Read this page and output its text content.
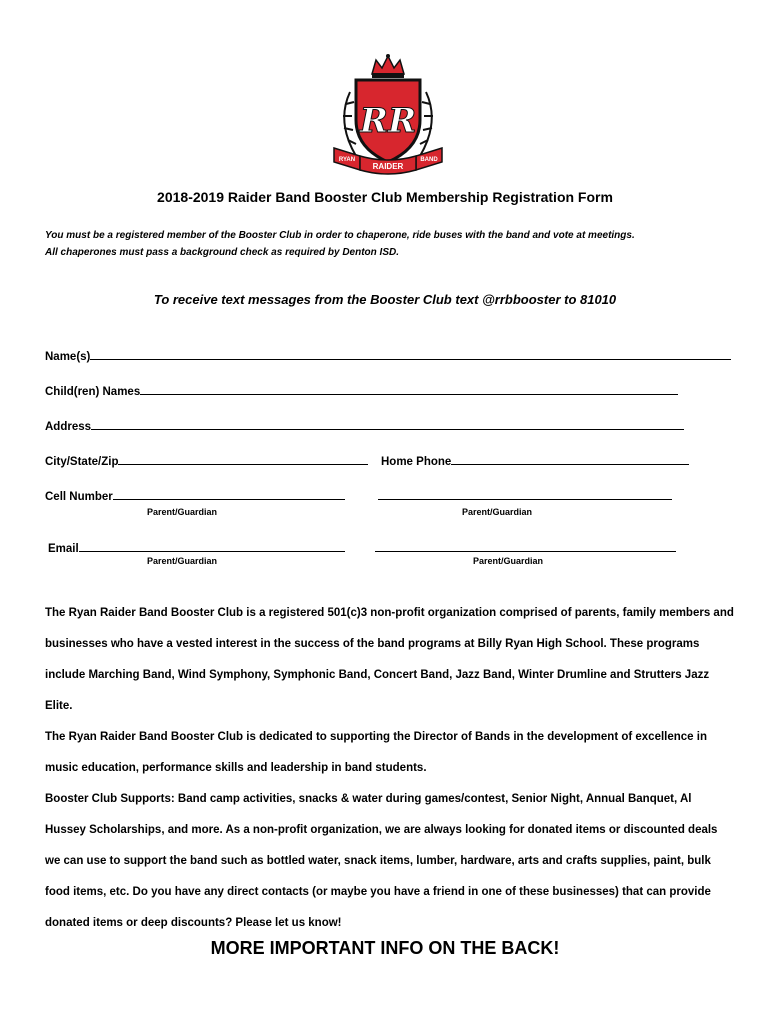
RR
RYAN
RAIDER
BAND
2018-2019 Raider Band Booster Club Membership Registration Form

You must be a registered member of the Booster Club in order to chaperone, ride buses with the band and vote at meetings.

All chaperones must pass a background check as required by Denton ISD.

To receive text messages from the Booster Club text @rrbbooster to 81010

Name(s)
Child(ren) Names
Address
City/State/Zip	Home Phone
Cell Number

Parent/Guardian	Parent/Guardian

Email

Parent/Guardian	Parent/Guardian

The Ryan Raider Band Booster Club is a registered 501(c)3 non-profit organization comprised of parents, family members and businesses who have a vested interest in the success of the band programs at Billy Ryan High School. These programs include Marching Band, Wind Symphony, Symphonic Band, Concert Band, Jazz Band, Winter Drumline and Strutters Jazz Elite.

The Ryan Raider Band Booster Club is dedicated to supporting the Director of Bands in the development of excellence in music education, performance skills and leadership in band students.

Booster Club Supports: Band camp activities, snacks & water during games/contest, Senior Night, Annual Banquet, Al Hussey Scholarships, and more. As a non-profit organization, we are always looking for donated items or discounted deals we can use to support the band such as bottled water, snack items, lumber, hardware, arts and crafts supplies, paint, bulk food items, etc. Do you have any direct contacts (or maybe you have a friend in one of these businesses) that can provide donated items or deep discounts? Please let us know!

MORE IMPORTANT INFO ON THE BACK!
